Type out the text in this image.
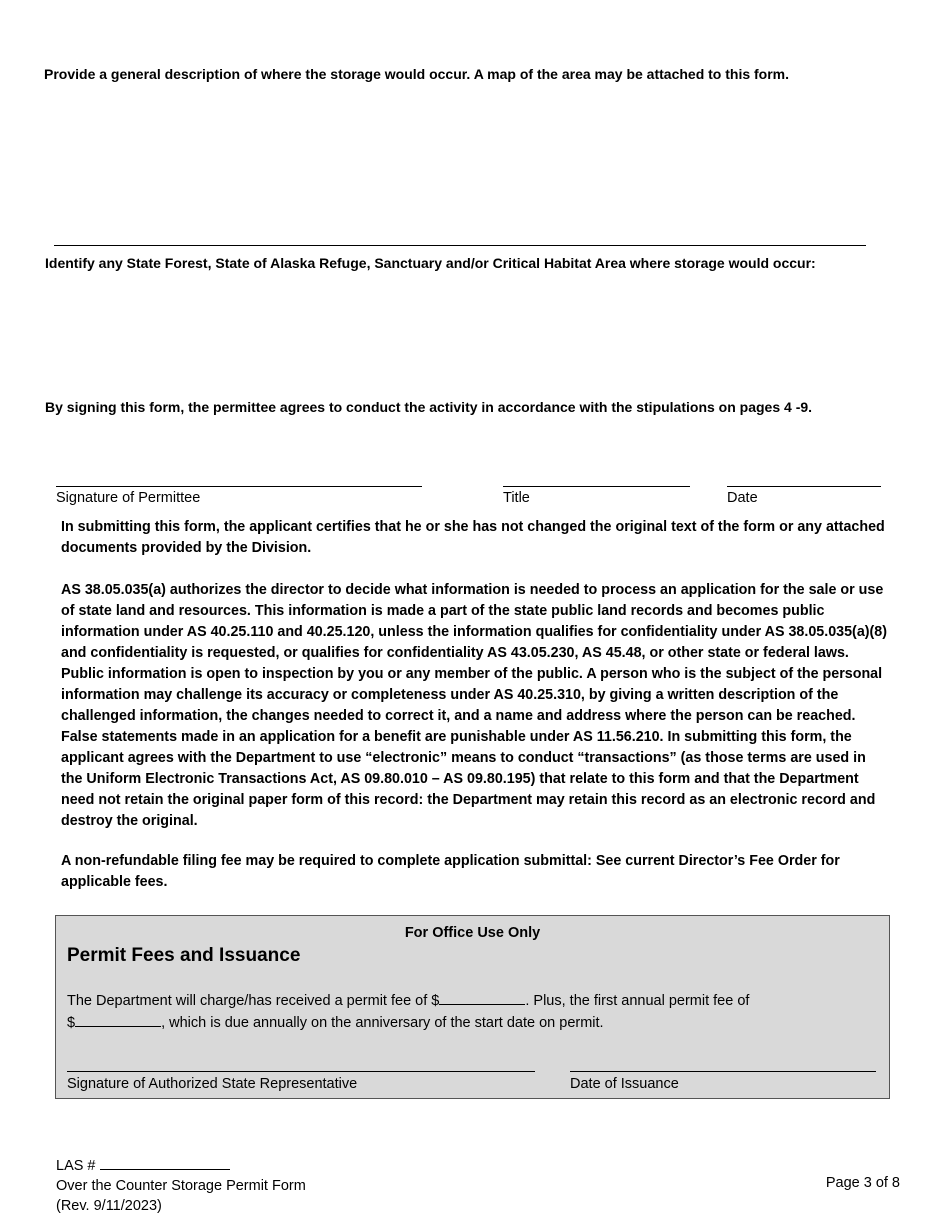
Provide a general description of where the storage would occur. A map of the area may be attached to this form.
Identify any State Forest, State of Alaska Refuge, Sanctuary and/or Critical Habitat Area where storage would occur:
By signing this form, the permittee agrees to conduct the activity in accordance with the stipulations on pages 4 -9.
Signature of Permittee	Title	Date
In submitting this form, the applicant certifies that he or she has not changed the original text of the form or any attached documents provided by the Division.
AS 38.05.035(a) authorizes the director to decide what information is needed to process an application for the sale or use of state land and resources. This information is made a part of the state public land records and becomes public information under AS 40.25.110 and 40.25.120, unless the information qualifies for confidentiality under AS 38.05.035(a)(8) and confidentiality is requested, or qualifies for confidentiality AS 43.05.230, AS 45.48, or other state or federal laws. Public information is open to inspection by you or any member of the public. A person who is the subject of the personal information may challenge its accuracy or completeness under AS 40.25.310, by giving a written description of the challenged information, the changes needed to correct it, and a name and address where the person can be reached. False statements made in an application for a benefit are punishable under AS 11.56.210. In submitting this form, the applicant agrees with the Department to use “electronic” means to conduct “transactions” (as those terms are used in the Uniform Electronic Transactions Act, AS 09.80.010 – AS 09.80.195) that relate to this form and that the Department need not retain the original paper form of this record: the Department may retain this record as an electronic record and destroy the original.
A non-refundable filing fee may be required to complete application submittal: See current Director’s Fee Order for applicable fees.
For Office Use Only
Permit Fees and Issuance
The Department will charge/has received a permit fee of $	. Plus, the first annual permit fee of
$	, which is due annually on the anniversary of the start date on permit.
Signature of Authorized State Representative	Date of Issuance
LAS #
Over the Counter Storage Permit Form
(Rev. 9/11/2023)
Page 3 of 8
